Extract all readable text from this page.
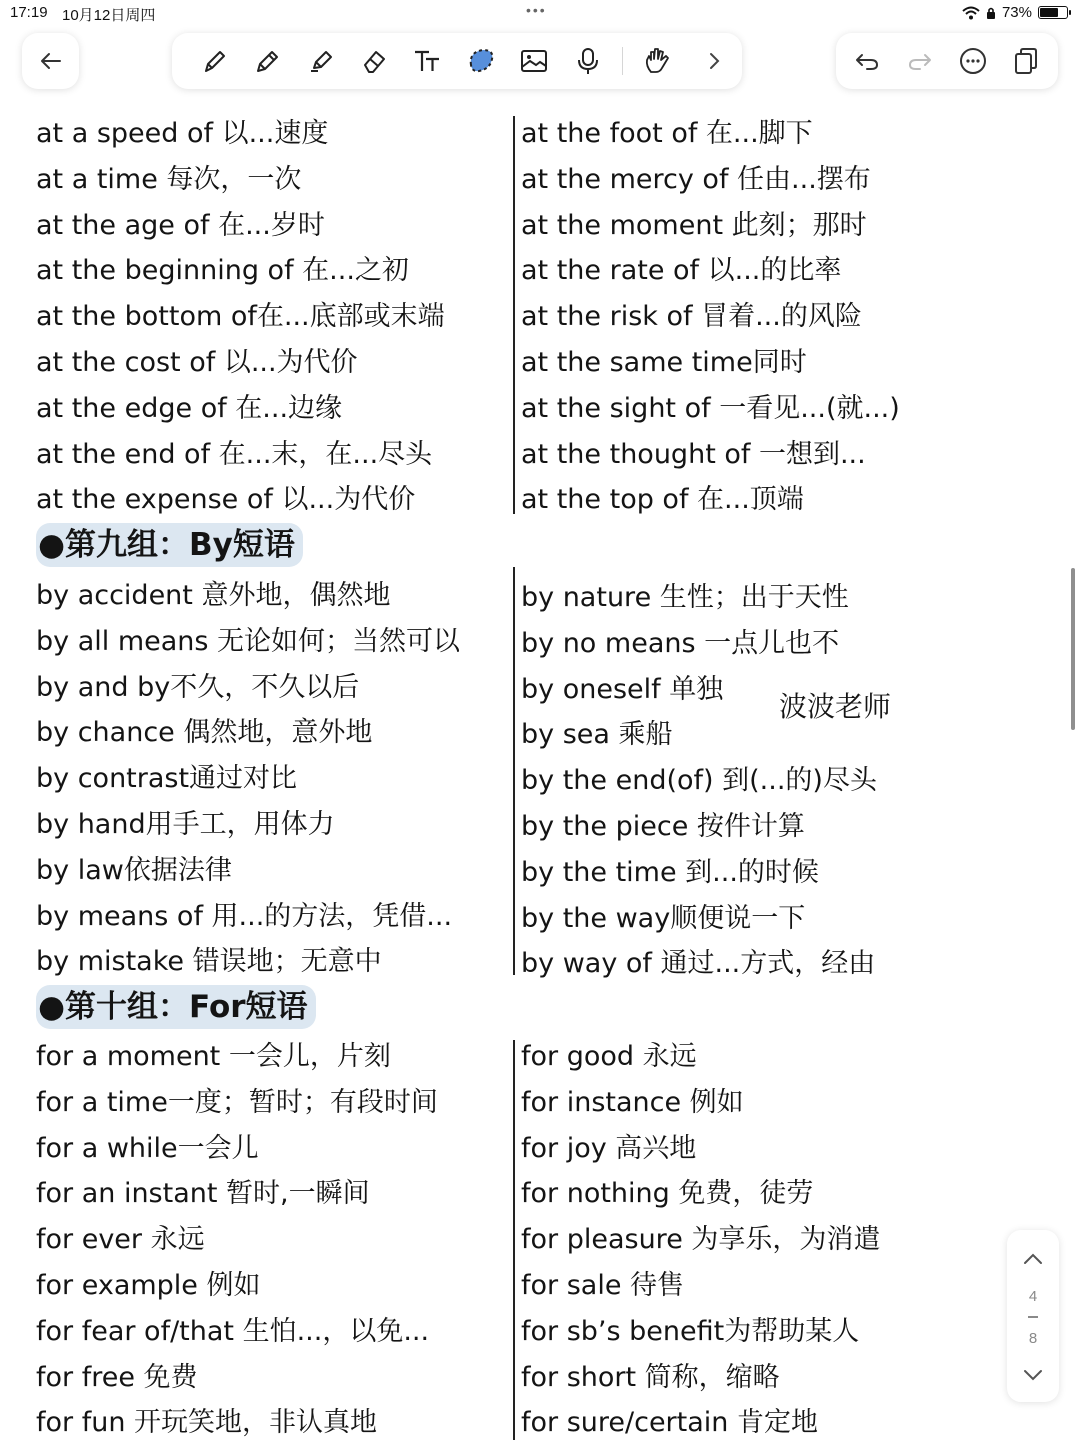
17:19 10月12日周四	•••	73%
●第九组：By短语
●第十组：For短语
波波老师
at a speed of 以...速度
at a time 每次，一次
at the age of 在...岁时
at the beginning of 在...之初
at the bottom of在...底部或末端
at the cost of 以...为代价
at the edge of 在...边缘
at the end of 在...末，在...尽头
at the expense of 以...为代价
at the foot of 在...脚下
at the mercy of 任由...摆布
at the moment 此刻；那时
at the rate of 以...的比率
at the risk of 冒着...的风险
at the same time同时
at the sight of 一看见...(就...)
at the thought of 一想到...
at the top of 在...顶端
by accident 意外地，偶然地
by all means 无论如何；当然可以
by and by不久，不久以后
by chance 偶然地，意外地
by contrast通过对比
by hand用手工，用体力
by law依据法律
by means of 用...的方法，凭借...
by mistake 错误地；无意中
by nature 生性；出于天性
by no means 一点儿也不
by oneself 单独
by sea 乘船
by the end(of) 到(...的)尽头
by the piece 按件计算
by the time 到...的时候
by the way顺便说一下
by way of 通过...方式，经由
for a moment 一会儿，片刻
for a time一度；暂时；有段时间
for a while一会儿
for an instant 暂时,一瞬间
for ever 永远
for example 例如
for fear of/that 生怕...，以免...
for free 免费
for fun 开玩笑地，非认真地
for good 永远
for instance 例如
for joy 高兴地
for nothing 免费，徒劳
for pleasure 为享乐，为消遣
for sale 待售
for sb’s benefit为帮助某人
for short 简称，缩略
for sure/certain 肯定地
4
8
